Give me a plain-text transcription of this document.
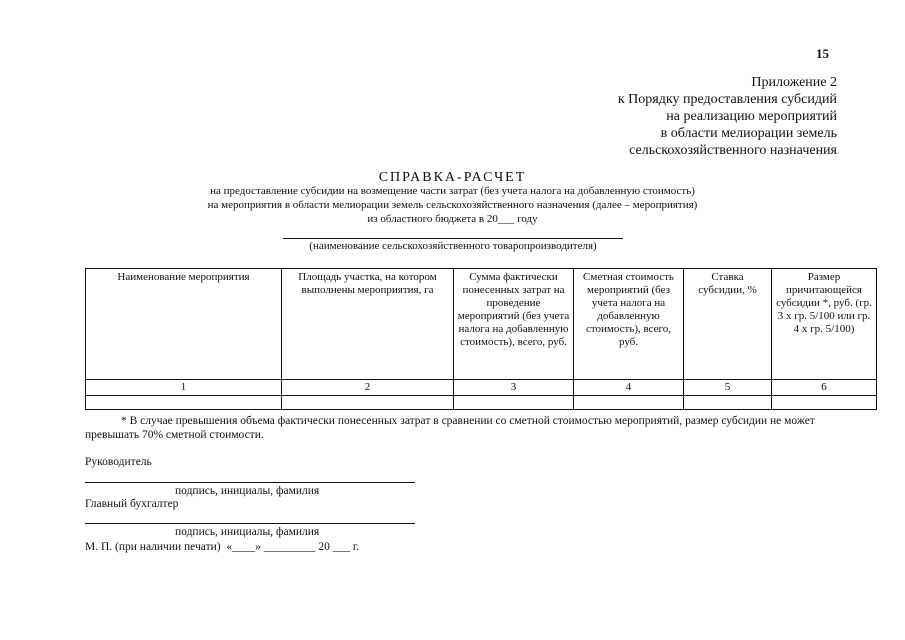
15
Приложение 2
к Порядку предоставления субсидий
на реализацию мероприятий
в области мелиорации земель
сельскохозяйственного назначения
СПРАВКА-РАСЧЕТ
на предоставление субсидии на возмещение части затрат (без учета налога на добавленную стоимость)
на мероприятия в области мелиорации земель сельскохозяйственного назначения (далее – мероприятия)
из областного бюджета в 20___ году
(наименование сельскохозяйственного товаропроизводителя)
Наименование мероприятия	Площадь участка, на котором выполнены мероприятия, га	Сумма фактически понесенных затрат на проведение мероприятий (без учета налога на добавленную стоимость), всего, руб.	Сметная стоимость мероприятий (без учета налога на добавленную стоимость), всего, руб.	Ставка субсидии, %	Размер причитающейся субсидии *, руб. (гр. 3 х гр. 5/100 или гр. 4 х гр. 5/100)
1	2	3	4	5	6

* В случае превышения объема фактически понесенных затрат в сравнении со сметной стоимостью мероприятий, размер субсидии не может превышать 70% сметной стоимости.
Руководитель
подпись, инициалы, фамилия
Главный бухгалтер
подпись, инициалы, фамилия
М. П. (при наличии печати)  «____» _________ 20 ___ г.
